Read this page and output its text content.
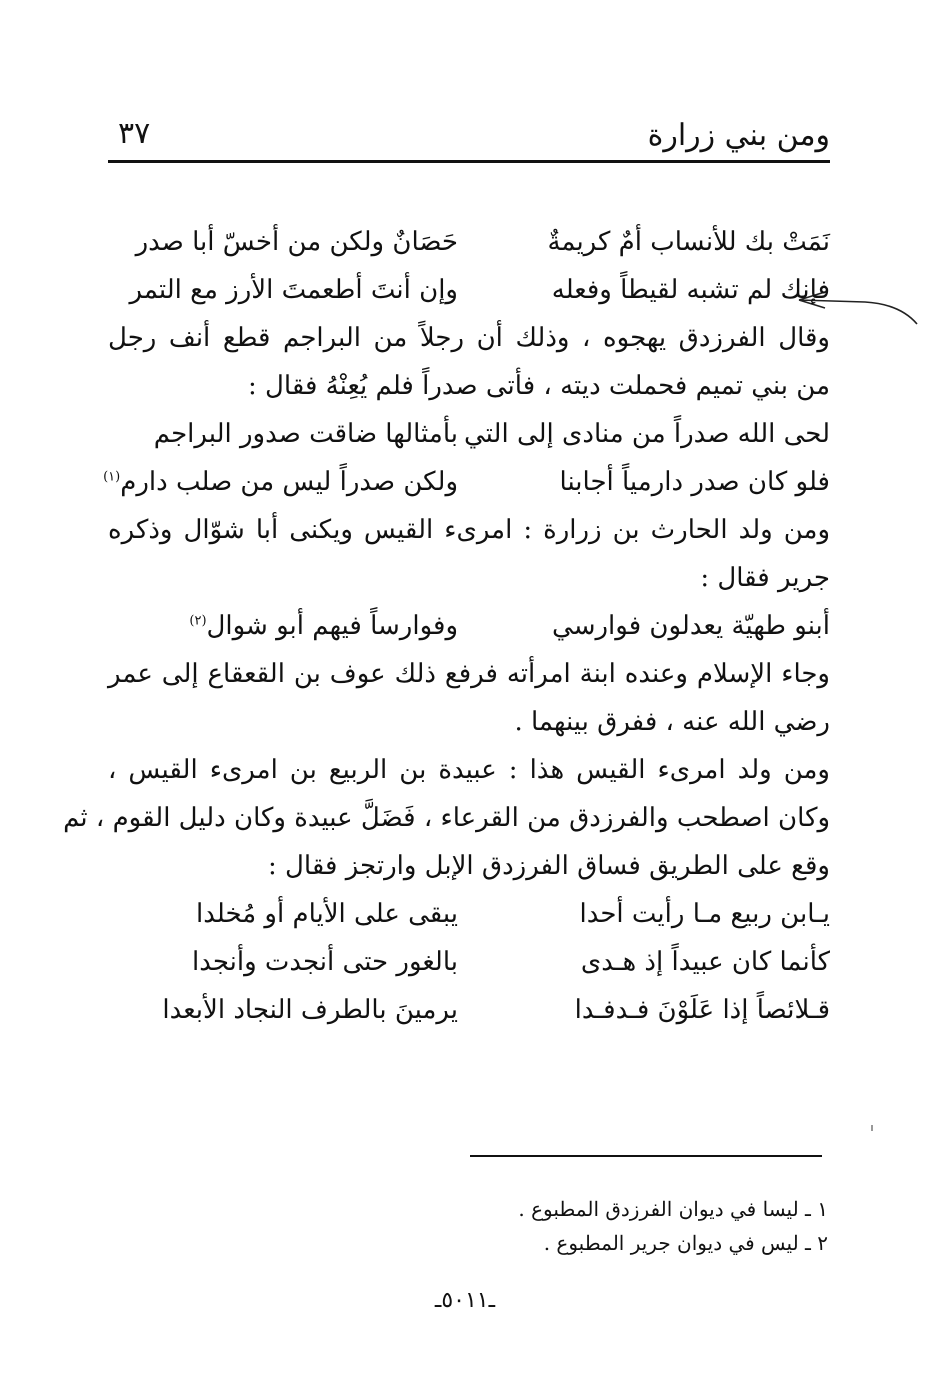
ومن بني زرارة
٣٧
نَمَتْ بك للأنساب أمٌ كريمةٌ
حَصَانٌ ولكن من أخسّ أبا صدر
فإنك لم تشبه لقيطاً وفعله
وإن أنتَ أطعمتَ الأرز مع التمر
وقال الفرزدق يهجوه ، وذلك أن رجلاً من البراجم قطع أنف رجل
من بني تميم فحملت ديته ، فأتى صدراً فلم يُعِنْهُ فقال :
لحى الله صدراً من منادى إلى التي
بأمثالها ضاقت صدور البراجم
فلو كان صدر دارمياً أجابنا
ولكن صدراً ليس من صلب دارم$^{(١)}$
ومن ولد الحارث بن زرارة : امرىء القيس ويكنى أبا شوّال وذكره
جرير فقال :
أبنو طهيّة يعدلون فوارسي
وفوارساً فيهم أبو شوال$^{(٢)}$
وجاء الإسلام وعنده ابنة امرأته فرفع ذلك عوف بن القعقاع إلى عمر
رضي الله عنه ، ففرق بينهما .
ومن ولد امرىء القيس هذا : عبيدة بن الربيع بن امرىء القيس ،
وكان اصطحب والفرزدق من القرعاء ، فَضَلَّ عبيدة وكان دليل القوم ، ثم
وقع على الطريق فساق الفرزدق الإبل وارتجز فقال :
يـابن ربيع مـا رأيت أحدا
يبقى على الأيام أو مُخلدا
كأنما كان عبيداً إذ هـدى
بالغور حتى أنجدت وأنجدا
قـلائصاً إذا عَلَوْنَ فـدفـدا
يرمينَ بالطرف النجاد الأبعدا
١ ـ ليسا في ديوان الفرزدق المطبوع .
٢ ـ ليس في ديوان جرير المطبوع .
ـ٥٠١١ـ
